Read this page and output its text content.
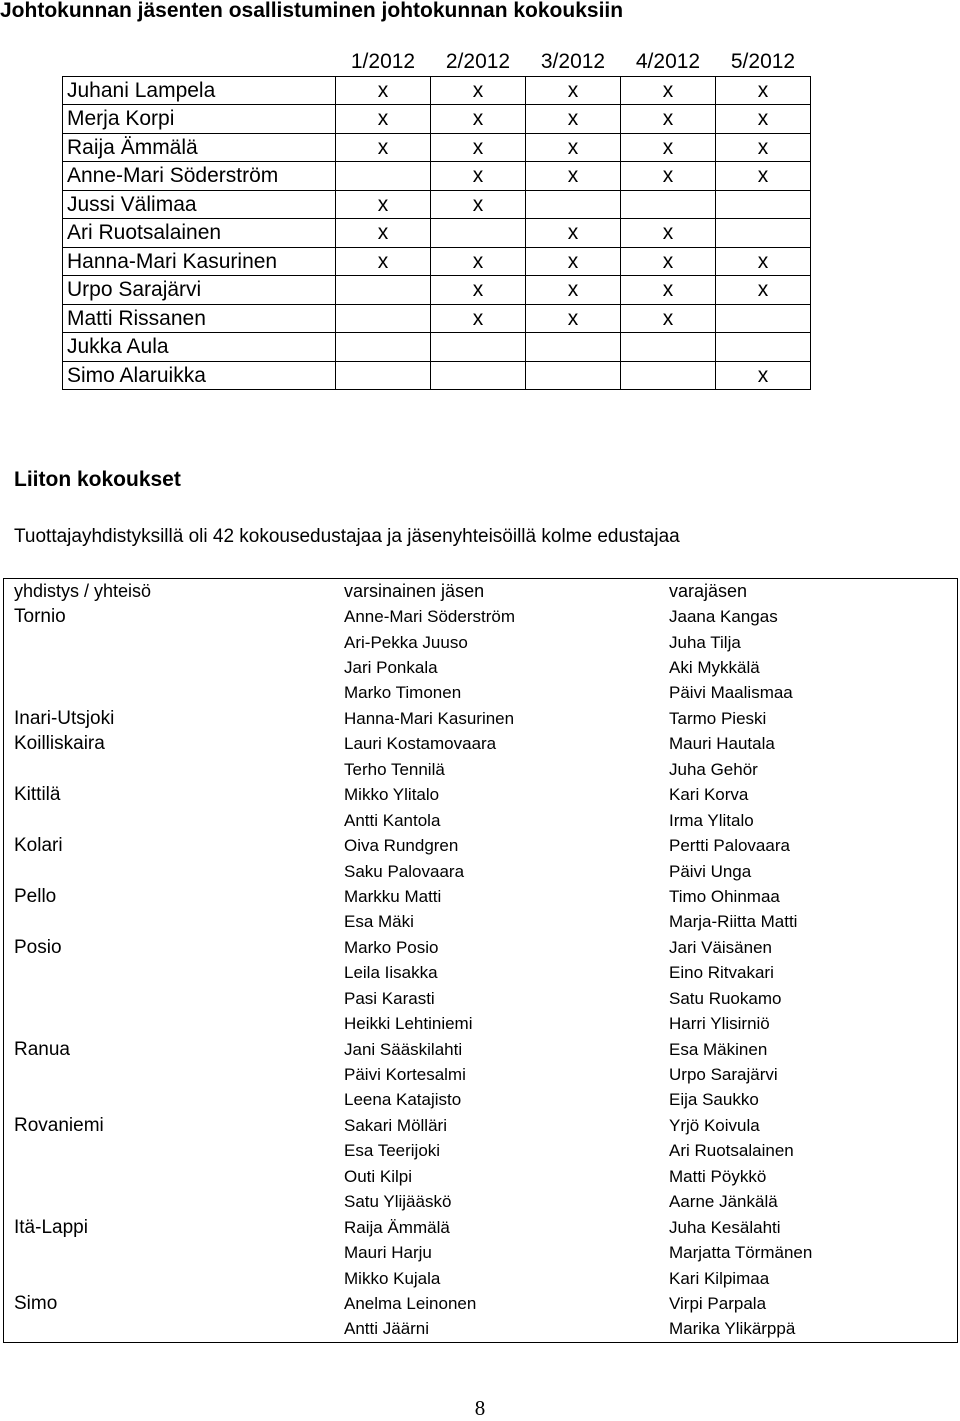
Johtokunnan jäsenten osallistuminen johtokunnan kokouksiin
	1/2012	2/2012	3/2012	4/2012	5/2012
Juhani Lampela	x	x	x	x	x
Merja Korpi	x	x	x	x	x
Raija Ämmälä	x	x	x	x	x
Anne-Mari Söderström		x	x	x	x
Jussi Välimaa	x	x			
Ari Ruotsalainen	x		x	x	
Hanna-Mari Kasurinen	x	x	x	x	x
Urpo Sarajärvi		x	x	x	x
Matti Rissanen		x	x	x	
Jukka Aula					
Simo Alaruikka					x
Liiton kokoukset
Tuottajayhdistyksillä oli 42 kokousedustajaa ja jäsenyhteisöillä kolme edustajaa
yhdistys / yhteisö	varsinainen jäsen	varajäsen
Tornio	Anne-Mari Söderström	Jaana Kangas
	Ari-Pekka Juuso	Juha Tilja
	Jari Ponkala	Aki Mykkälä
	Marko Timonen	Päivi Maalismaa
Inari-Utsjoki	Hanna-Mari Kasurinen	Tarmo Pieski
Koilliskaira	Lauri Kostamovaara	Mauri Hautala
	Terho Tennilä	Juha Gehör
Kittilä	Mikko Ylitalo	Kari Korva
	Antti Kantola	Irma Ylitalo
Kolari	Oiva Rundgren	Pertti Palovaara
	Saku Palovaara	Päivi Unga
Pello	Markku Matti	Timo Ohinmaa
	Esa Mäki	Marja-Riitta Matti
Posio	Marko Posio	Jari Väisänen
	Leila Iisakka	Eino Ritvakari
	Pasi Karasti	Satu Ruokamo
	Heikki Lehtiniemi	Harri Ylisirniö
Ranua	Jani Sääskilahti	Esa Mäkinen
	Päivi Kortesalmi	Urpo Sarajärvi
	Leena Katajisto	Eija Saukko
Rovaniemi	Sakari Mölläri	Yrjö Koivula
	Esa Teerijoki	Ari Ruotsalainen
	Outi Kilpi	Matti Pöykkö
	Satu Ylijääskö	Aarne Jänkälä
Itä-Lappi	Raija Ämmälä	Juha Kesälahti
	Mauri Harju	Marjatta Törmänen
	Mikko Kujala	Kari Kilpimaa
Simo	Anelma Leinonen	Virpi Parpala
	Antti Jäärni	Marika Ylikärppä
8
